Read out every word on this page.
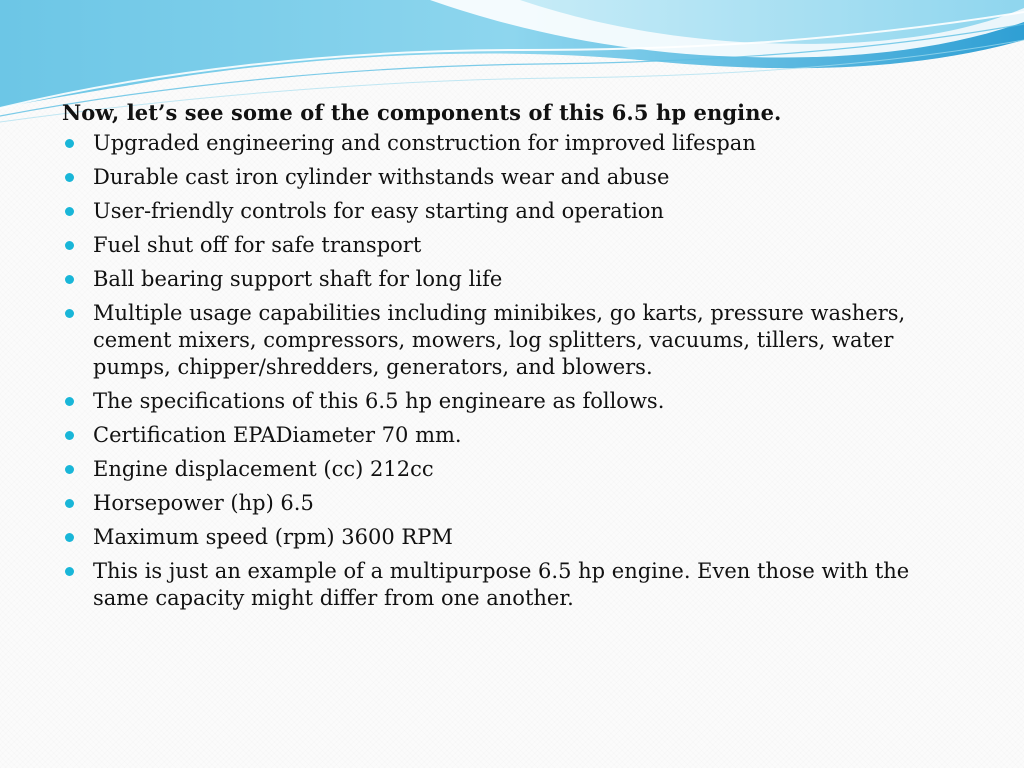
Now, let’s see some of the components of this 6.5 hp engine.
Upgraded engineering and construction for improved lifespan
Durable cast iron cylinder withstands wear and abuse
User-friendly controls for easy starting and operation
Fuel shut off for safe transport
Ball bearing support shaft for long life
Multiple usage capabilities including minibikes, go karts, pressure washers, cement mixers, compressors, mowers, log splitters, vacuums, tillers, water pumps, chipper/shredders, generators, and blowers.
The specifications of this 6.5 hp engineare as follows.
Certification EPADiameter 70 mm.
Engine displacement (cc) 212cc
Horsepower (hp) 6.5
Maximum speed (rpm) 3600 RPM
This is just an example of a multipurpose 6.5 hp engine. Even those with the same capacity might differ from one another.
